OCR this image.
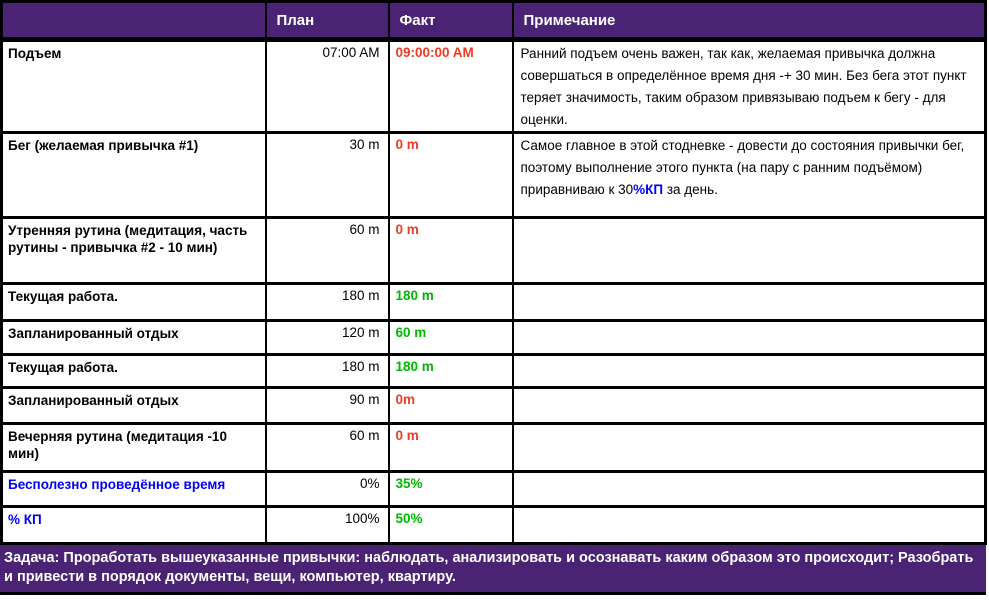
	План	Факт	Примечание
Подъем	07:00 AM	09:00:00 AM	Ранний подъем очень важен, так как, желаемая привычка должна совершаться в определённое время дня -+ 30 мин. Без бега этот пункт теряет значимость, таким образом привязываю подъем к бегу - для оценки.
Бег (желаемая привычка #1)	30 m	0 m	Самое главное в этой стодневке - довести до состояния привычки бег, поэтому выполнение этого пункта (на пару с ранним подъёмом) приравниваю к 30%КП за день.
Утренняя рутина (медитация, часть рутины - привычка #2 - 10 мин)	60 m	0 m	
Текущая работа.	180 m	180 m	
Запланированный отдых	120 m	60 m	
Текущая работа.	180 m	180 m	
Запланированный отдых	90 m	0m	
Вечерняя рутина (медитация -10 мин)	60 m	0 m	
Бесполезно проведённое время	0%	35%	
% КП	100%	50%	
Задача: Проработать вышеуказанные привычки: наблюдать, анализировать и осознавать каким образом это происходит; Разобрать и привести в порядок документы, вещи, компьютер, квартиру.
